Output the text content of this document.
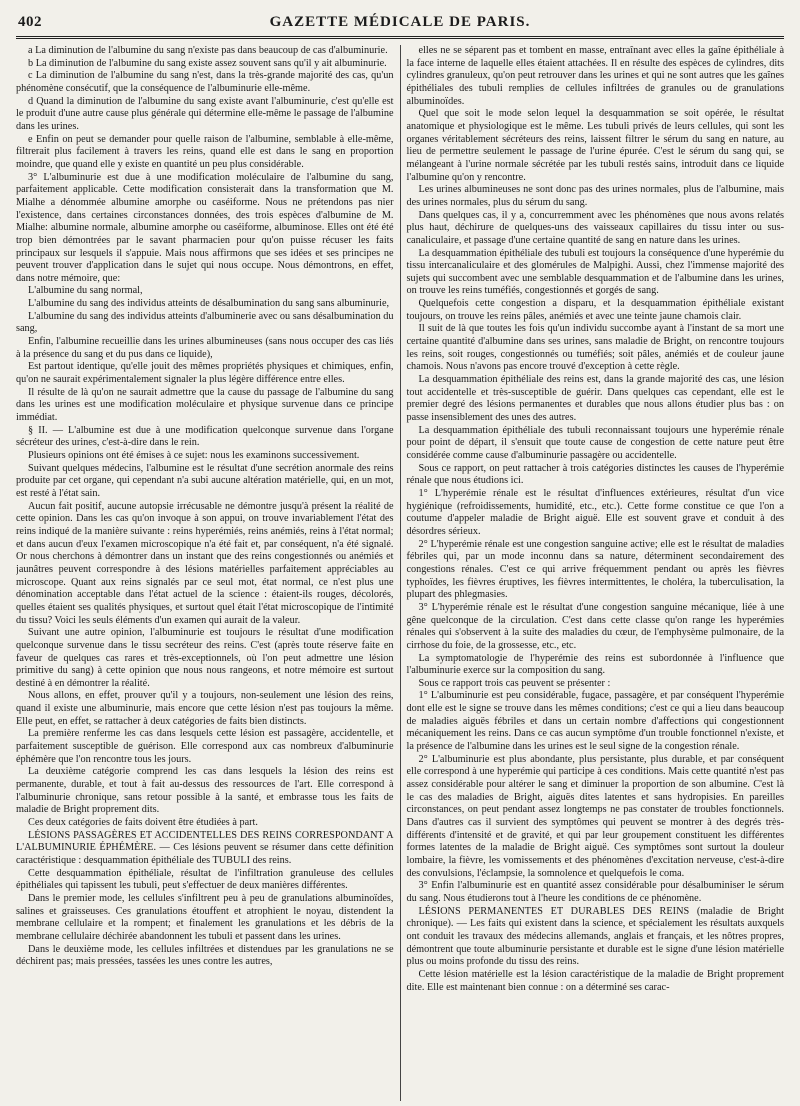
402	GAZETTE MÉDICALE DE PARIS.

a La diminution de l'albumine du sang n'existe pas dans beaucoup de cas d'albuminurie.

b La diminution de l'albumine du sang existe assez souvent sans qu'il y ait albuminurie.

c La diminution de l'albumine du sang n'est, dans la très-grande majorité des cas, qu'un phénomène consécutif, que la conséquence de l'albuminurie elle-même.

d Quand la diminution de l'albumine du sang existe avant l'albuminurie, c'est qu'elle est le produit d'une autre cause plus générale qui détermine elle-même le passage de l'albumine dans les urines.

e Enfin on peut se demander pour quelle raison de l'albumine, semblable à elle-même, filtrerait plus facilement à travers les reins, quand elle est dans le sang en proportion moindre, que quand elle y existe en quantité un peu plus considérable.

3° L'albuminurie est due à une modification moléculaire de l'albumine du sang, parfaitement applicable. Cette modification consisterait dans la transformation que M. Mialhe a dénommée albumine amorphe ou caséiforme. Nous ne prétendons pas nier l'existence, dans certaines circonstances données, des trois espèces d'albumine de M. Mialhe: albumine normale, albumine amorphe ou caséiforme, albuminose. Elles ont été été trop bien démontrées par le savant pharmacien pour qu'on puisse récuser les faits principaux sur lesquels il s'appuie. Mais nous affirmons que ses idées et ses principes ne peuvent trouver d'application dans le sujet qui nous occupe. Nous démontrons, en effet, dans notre mémoire, que:

L'albumine du sang normal,

L'albumine du sang des individus atteints de désalbumination du sang sans albuminurie,

L'albumine du sang des individus atteints d'albuminerie avec ou sans désalbumination du sang,

Enfin, l'albumine recueillie dans les urines albumineuses (sans nous occuper des cas liés à la présence du sang et du pus dans ce liquide),

Est partout identique, qu'elle jouit des mêmes propriétés physiques et chimiques, enfin, qu'on ne saurait expérimentalement signaler la plus légère différence entre elles.

Il résulte de là qu'on ne saurait admettre que la cause du passage de l'albumine du sang dans les urines est une modification moléculaire et physique survenue dans ce principe immédiat.

§ II. — L'albumine est due à une modification quelconque survenue dans l'organe sécréteur des urines, c'est-à-dire dans le rein.

Plusieurs opinions ont été émises à ce sujet: nous les examinons successivement.

Suivant quelques médecins, l'albumine est le résultat d'une secrétion anormale des reins produite par cet organe, qui cependant n'a subi aucune altération matérielle, qui, en un mot, est resté à l'état sain.

Aucun fait positif, aucune autopsie irrécusable ne démontre jusqu'à présent la réalité de cette opinion. Dans les cas qu'on invoque à son appui, on trouve invariablement l'état des reins indiqué de la manière suivante : reins hyperémiés, reins anémiés, reins à l'état normal; et dans aucun d'eux l'examen microscopique n'a été fait et, par conséquent, n'a été signalé. Or nous cherchons à démontrer dans un instant que des reins congestionnés ou anémiés et jaunâtres peuvent correspondre à des lésions matérielles parfaitement appréciables au microscope. Quant aux reins signalés par ce seul mot, état normal, ce n'est plus une dénomination acceptable dans l'état actuel de la science : étaient-ils rouges, décolorés, quelles étaient ses qualités physiques, et surtout quel était l'état microscopique de l'intimité du tissu? Voici les seuls éléments d'un examen qui aurait de la valeur.

Suivant une autre opinion, l'albuminurie est toujours le résultat d'une modification quelconque survenue dans le tissu secréteur des reins. C'est (après toute réserve faite en faveur de quelques cas rares et très-exceptionnels, où l'on peut admettre une lésion primitive du sang) à cette opinion que nous nous rangeons, et notre mémoire est surtout destiné à en démontrer la réalité.

Nous allons, en effet, prouver qu'il y a toujours, non-seulement une lésion des reins, quand il existe une albuminurie, mais encore que cette lésion n'est pas toujours la même. Elle peut, en effet, se rattacher à deux catégories de faits bien distincts.

La première renferme les cas dans lesquels cette lésion est passagère, accidentelle, et parfaitement susceptible de guérison. Elle correspond aux cas nombreux d'albuminurie éphémère que l'on rencontre tous les jours.

La deuxième catégorie comprend les cas dans lesquels la lésion des reins est permanente, durable, et tout à fait au-dessus des ressources de l'art. Elle correspond à l'albuminurie chronique, sans retour possible à la santé, et embrasse tous les faits de maladie de Bright proprement dits.

Ces deux catégories de faits doivent être étudiées à part.

LÉSIONS PASSAGÈRES ET ACCIDENTELLES DES REINS CORRESPONDANT A L'ALBUMINURIE ÉPHÉMÈRE. — Ces lésions peuvent se résumer dans cette définition caractéristique : desquammation épithéliale des TUBULI des reins.

Cette desquammation épithéliale, résultat de l'infiltration granuleuse des cellules épithéliales qui tapissent les tubuli, peut s'effectuer de deux manières différentes.

Dans le premier mode, les cellules s'infiltrent peu à peu de granulations albuminoïdes, salines et graisseuses. Ces granulations étouffent et atrophient le noyau, distendent la membrane cellulaire et la rompent; et finalement les granulations et les débris de la membrane cellulaire déchirée abandonnent les tubuli et passent dans les urines.

Dans le deuxième mode, les cellules infiltrées et distendues par les granulations ne se déchirent pas; mais pressées, tassées les unes contre les autres,

elles ne se séparent pas et tombent en masse, entraînant avec elles la gaîne épithéliale à la face interne de laquelle elles étaient attachées. Il en résulte des espèces de cylindres, dits cylindres granuleux, qu'on peut retrouver dans les urines et qui ne sont autres que les gaînes épithéliales des tubuli remplies de cellules infiltrées de granules ou de granulations albuminoïdes.

Quel que soit le mode selon lequel la desquammation se soit opérée, le résultat anatomique et physiologique est le même. Les tubuli privés de leurs cellules, qui sont les organes véritablement sécréteurs des reins, laissent filtrer le sérum du sang en nature, au lieu de permettre seulement le passage de l'urine épurée. C'est le sérum du sang qui, se mélangeant à l'urine normale sécrétée par les tubuli restés sains, introduit dans ce liquide l'albumine qu'on y rencontre.

Les urines albumineuses ne sont donc pas des urines normales, plus de l'albumine, mais des urines normales, plus du sérum du sang.

Dans quelques cas, il y a, concurremment avec les phénomènes que nous avons relatés plus haut, déchirure de quelques-uns des vaisseaux capillaires du tissu inter ou sus-canaliculaire, et passage d'une certaine quantité de sang en nature dans les urines.

La desquammation épithéliale des tubuli est toujours la conséquence d'une hyperémie du tissu intercanaliculaire et des glomérules de Malpighi. Aussi, chez l'immense majorité des sujets qui succombent avec une semblable desquammation et de l'albumine dans les urines, on trouve les reins tuméfiés, congestionnés et gorgés de sang.

Quelquefois cette congestion a disparu, et la desquammation épithéliale existant toujours, on trouve les reins pâles, anémiés et avec une teinte jaune chamois clair.

Il suit de là que toutes les fois qu'un individu succombe ayant à l'instant de sa mort une certaine quantité d'albumine dans ses urines, sans maladie de Bright, on rencontre toujours les reins, soit rouges, congestionnés ou tuméfiés; soit pâles, anémiés et de couleur jaune chamois. Nous n'avons pas encore trouvé d'exception à cette règle.

La desquammation épithéliale des reins est, dans la grande majorité des cas, une lésion tout accidentelle et très-susceptible de guérir. Dans quelques cas cependant, elle est le premier degré des lésions permanentes et durables que nous allons étudier plus bas : on passe insensiblement des unes des autres.

La desquammation épithéliale des tubuli reconnaissant toujours une hyperémie rénale pour point de départ, il s'ensuit que toute cause de congestion de cette nature peut être considérée comme cause d'albuminurie passagère ou accidentelle.

Sous ce rapport, on peut rattacher à trois catégories distinctes les causes de l'hyperémie rénale que nous étudions ici.

1° L'hyperémie rénale est le résultat d'influences extérieures, résultat d'un vice hygiénique (refroidissements, humidité, etc., etc.). Cette forme constitue ce que l'on a coutume d'appeler maladie de Bright aiguë. Elle est souvent grave et conduit à des désordres sérieux.

2° L'hyperémie rénale est une congestion sanguine active; elle est le résultat de maladies fébriles qui, par un mode inconnu dans sa nature, déterminent secondairement des congestions rénales. C'est ce qui arrive fréquemment pendant ou après les fièvres typhoïdes, les fièvres éruptives, les fièvres intermittentes, le choléra, la tuberculisation, la plupart des phlegmasies.

3° L'hyperémie rénale est le résultat d'une congestion sanguine mécanique, liée à une gêne quelconque de la circulation. C'est dans cette classe qu'on range les hyperémies rénales qui s'observent à la suite des maladies du cœur, de l'emphysème pulmonaire, de la cirrhose du foie, de la grossesse, etc., etc.

La symptomatologie de l'hyperémie des reins est subordonnée à l'influence que l'albuminurie exerce sur la composition du sang.

Sous ce rapport trois cas peuvent se présenter :

1° L'albuminurie est peu considérable, fugace, passagère, et par conséquent l'hyperémie dont elle est le signe se trouve dans les mêmes conditions; c'est ce qui a lieu dans beaucoup de maladies aiguës fébriles et dans un certain nombre d'affections qui congestionnent mécaniquement les reins. Dans ce cas aucun symptôme d'un trouble fonctionnel n'existe, et la présence de l'albumine dans les urines est le seul signe de la congestion rénale.

2° L'albuminurie est plus abondante, plus persistante, plus durable, et par conséquent elle correspond à une hyperémie qui participe à ces conditions. Mais cette quantité n'est pas assez considérable pour altérer le sang et diminuer la proportion de son albumine. C'est là le cas des maladies de Bright, aiguës dites latentes et sans hydropisies. En pareilles circonstances, on peut pendant assez longtemps ne pas constater de troubles fonctionnels. Dans d'autres cas il survient des symptômes qui peuvent se montrer à des degrés très-différents d'intensité et de gravité, et qui par leur groupement constituent les différentes formes latentes de la maladie de Bright aiguë. Ces symptômes sont surtout la douleur lombaire, la fièvre, les vomissements et des phénomènes d'excitation nerveuse, c'est-à-dire des convulsions, l'éclampsie, la somnolence et quelquefois le coma.

3° Enfin l'albuminurie est en quantité assez considérable pour désalbuminiser le sérum du sang. Nous étudierons tout à l'heure les conditions de ce phénomène.

LÉSIONS PERMANENTES ET DURABLES DES REINS (maladie de Bright chronique). — Les faits qui existent dans la science, et spécialement les résultats auxquels ont conduit les travaux des médecins allemands, anglais et français, et les nôtres propres, démontrent que toute albuminurie persistante et durable est le signe d'une lésion matérielle plus ou moins profonde du tissu des reins.

Cette lésion matérielle est la lésion caractéristique de la maladie de Bright proprement dite. Elle est maintenant bien connue : on a déterminé ses carac-
